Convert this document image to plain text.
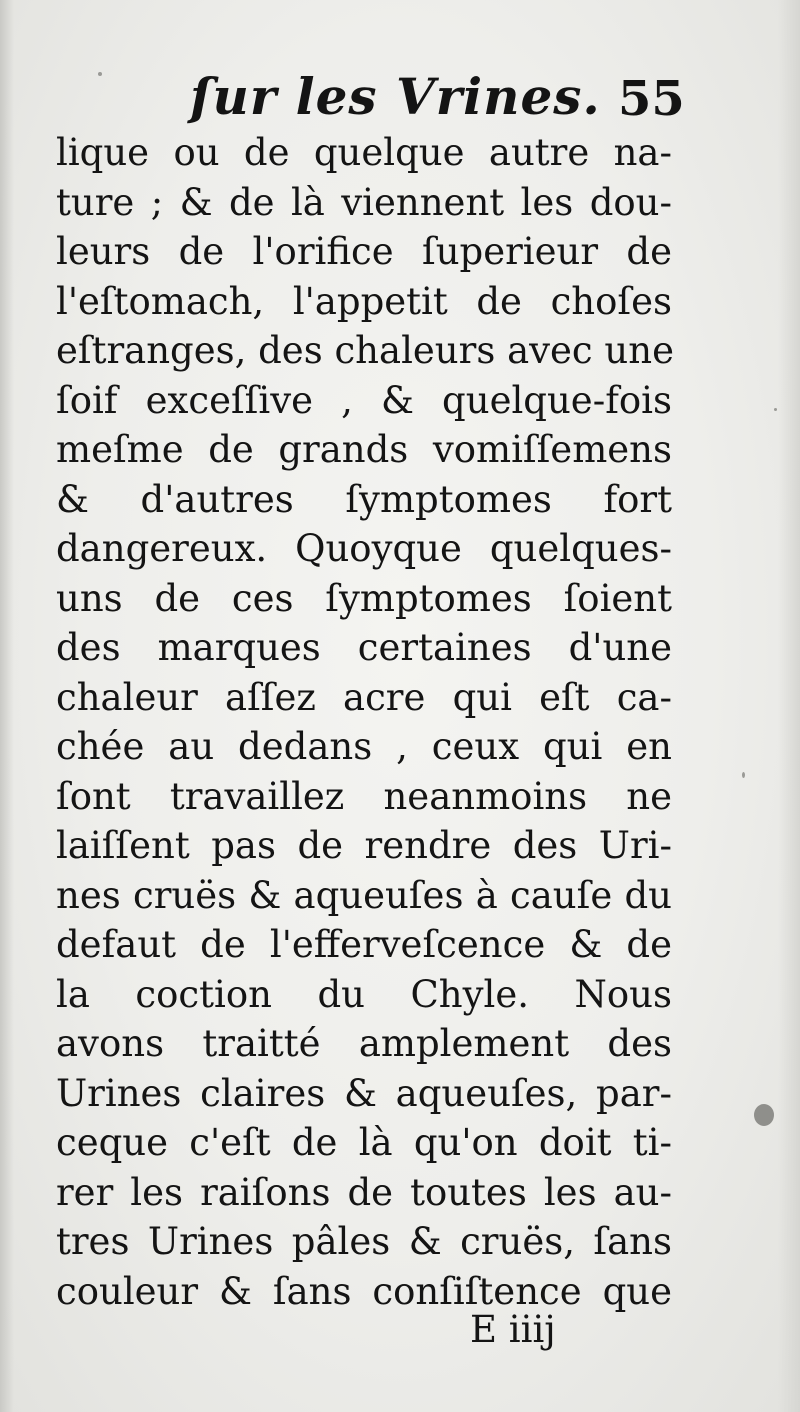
ſur les Vrines. 55
lique ou de quelque autre na-
ture ; & de là viennent les dou-
leurs de l'orifice ſuperieur de
l'eſtomach, l'appetit de choſes
eſtranges, des chaleurs avec une
ſoif exceſſive , & quelque-fois
meſme de grands vomiſſemens
& d'autres ſymptomes fort
dangereux. Quoyque quelques-
uns de ces ſymptomes ſoient
des marques certaines d'une
chaleur aſſez acre qui eſt ca-
chée au dedans , ceux qui en
ſont travaillez neanmoins ne
laiſſent pas de rendre des Uri-
nes cruës & aqueuſes à cauſe du
defaut de l'efferveſcence & de
la coction du Chyle. Nous
avons traitté amplement des
Urines claires & aqueuſes, par-
ceque c'eſt de là qu'on doit ti-
rer les raiſons de toutes les au-
tres Urines pâles & cruës, ſans
couleur & ſans conſiſtence que
E iiij
